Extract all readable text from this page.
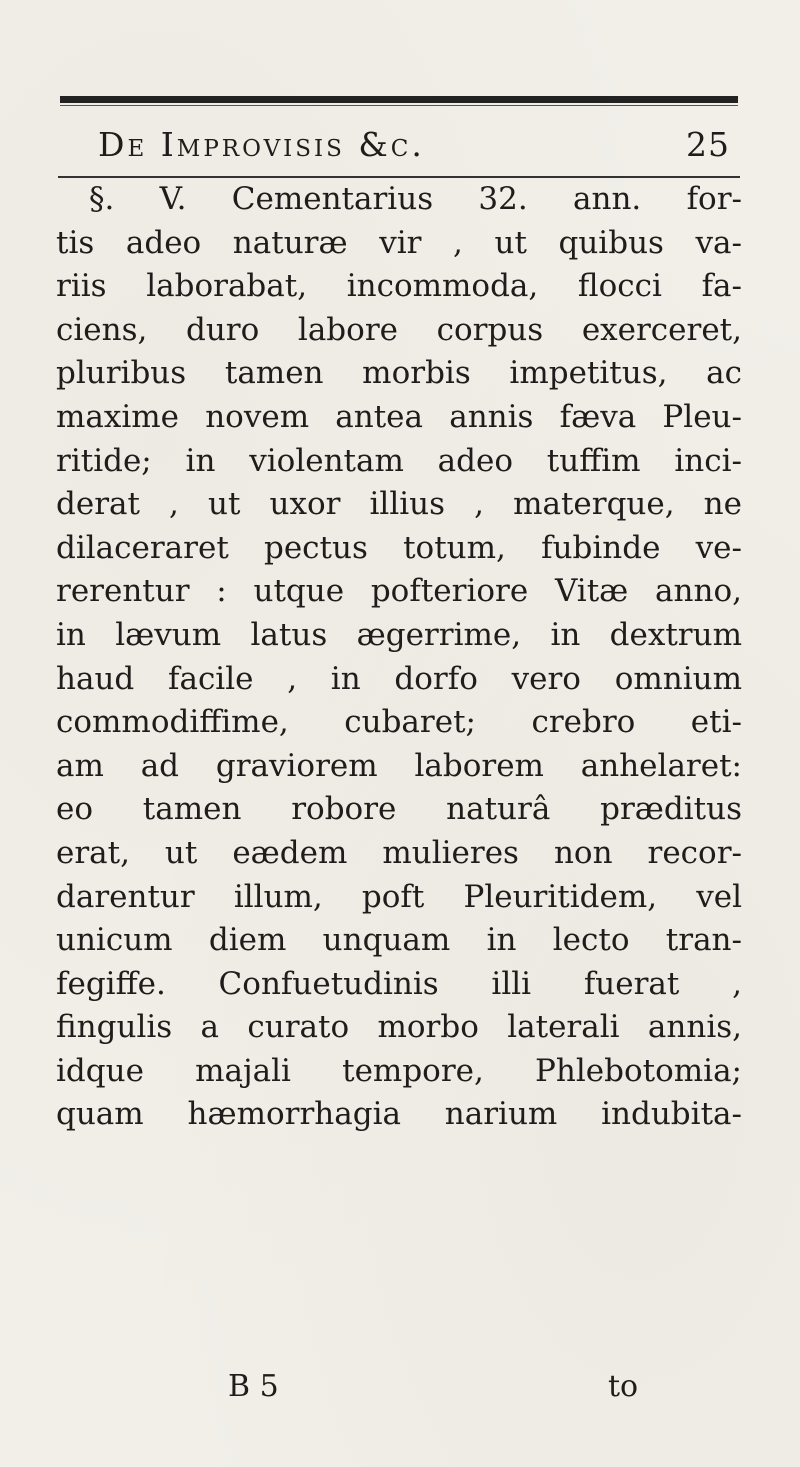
De Improvisis &c.	25
§. V. Cementarius 32. ann. for-
tis adeo naturæ vir , ut quibus va-
riis laborabat, incommoda, flocci fa-
ciens, duro labore corpus exerceret,
pluribus tamen morbis impetitus, ac
maxime novem antea annis fæva Pleu-
ritide; in violentam adeo tuffim inci-
derat , ut uxor illius , materque, ne
dilaceraret pectus totum, fubinde ve-
rerentur : utque pofteriore Vitæ anno,
in lævum latus ægerrime, in dextrum
haud facile , in dorfo vero omnium
commodiffime, cubaret; crebro eti-
am ad graviorem laborem anhelaret:
eo tamen robore naturâ præditus
erat, ut eædem mulieres non recor-
darentur illum, poft Pleuritidem, vel
unicum diem unquam in lecto tran-
fegiffe. Confuetudinis illi fuerat ,
fingulis a curato morbo laterali annis,
idque majali tempore, Phlebotomia;
quam hæmorrhagia narium indubita-
B 5	to
